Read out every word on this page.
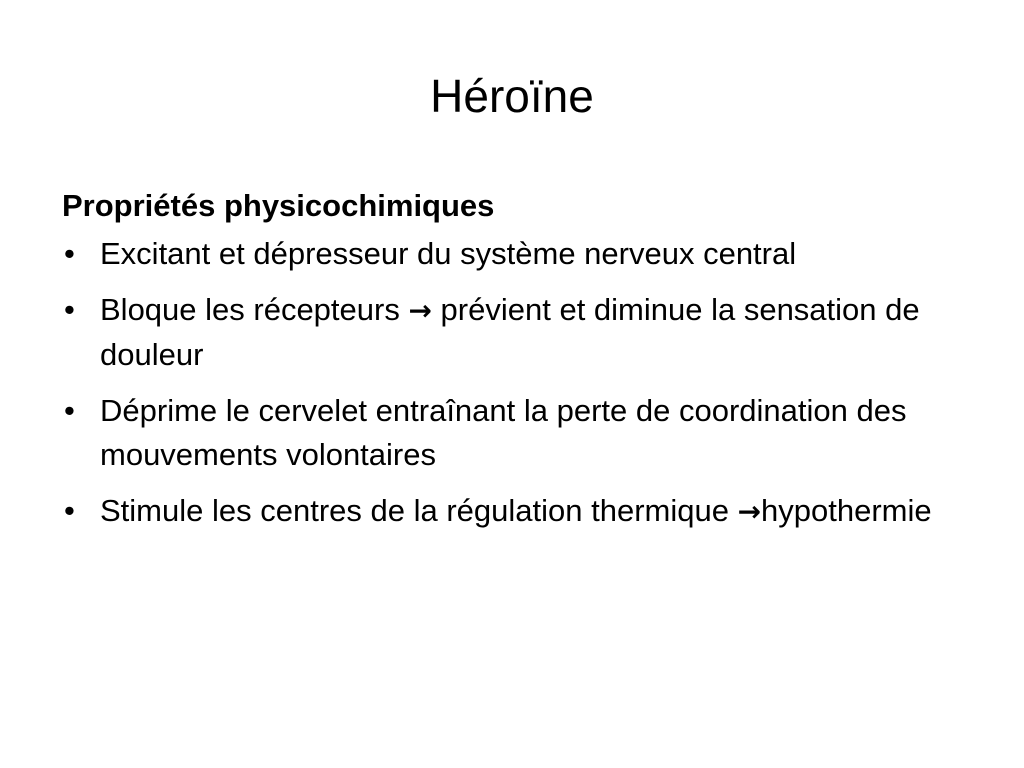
Héroïne
Propriétés physicochimiques
• Excitant et dépresseur du système nerveux central
• Bloque les récepteurs → prévient et diminue la sensation de douleur
• Déprime le cervelet entraînant la perte de coordination des mouvements volontaires
• Stimule les centres de la régulation thermique →hypothermie
